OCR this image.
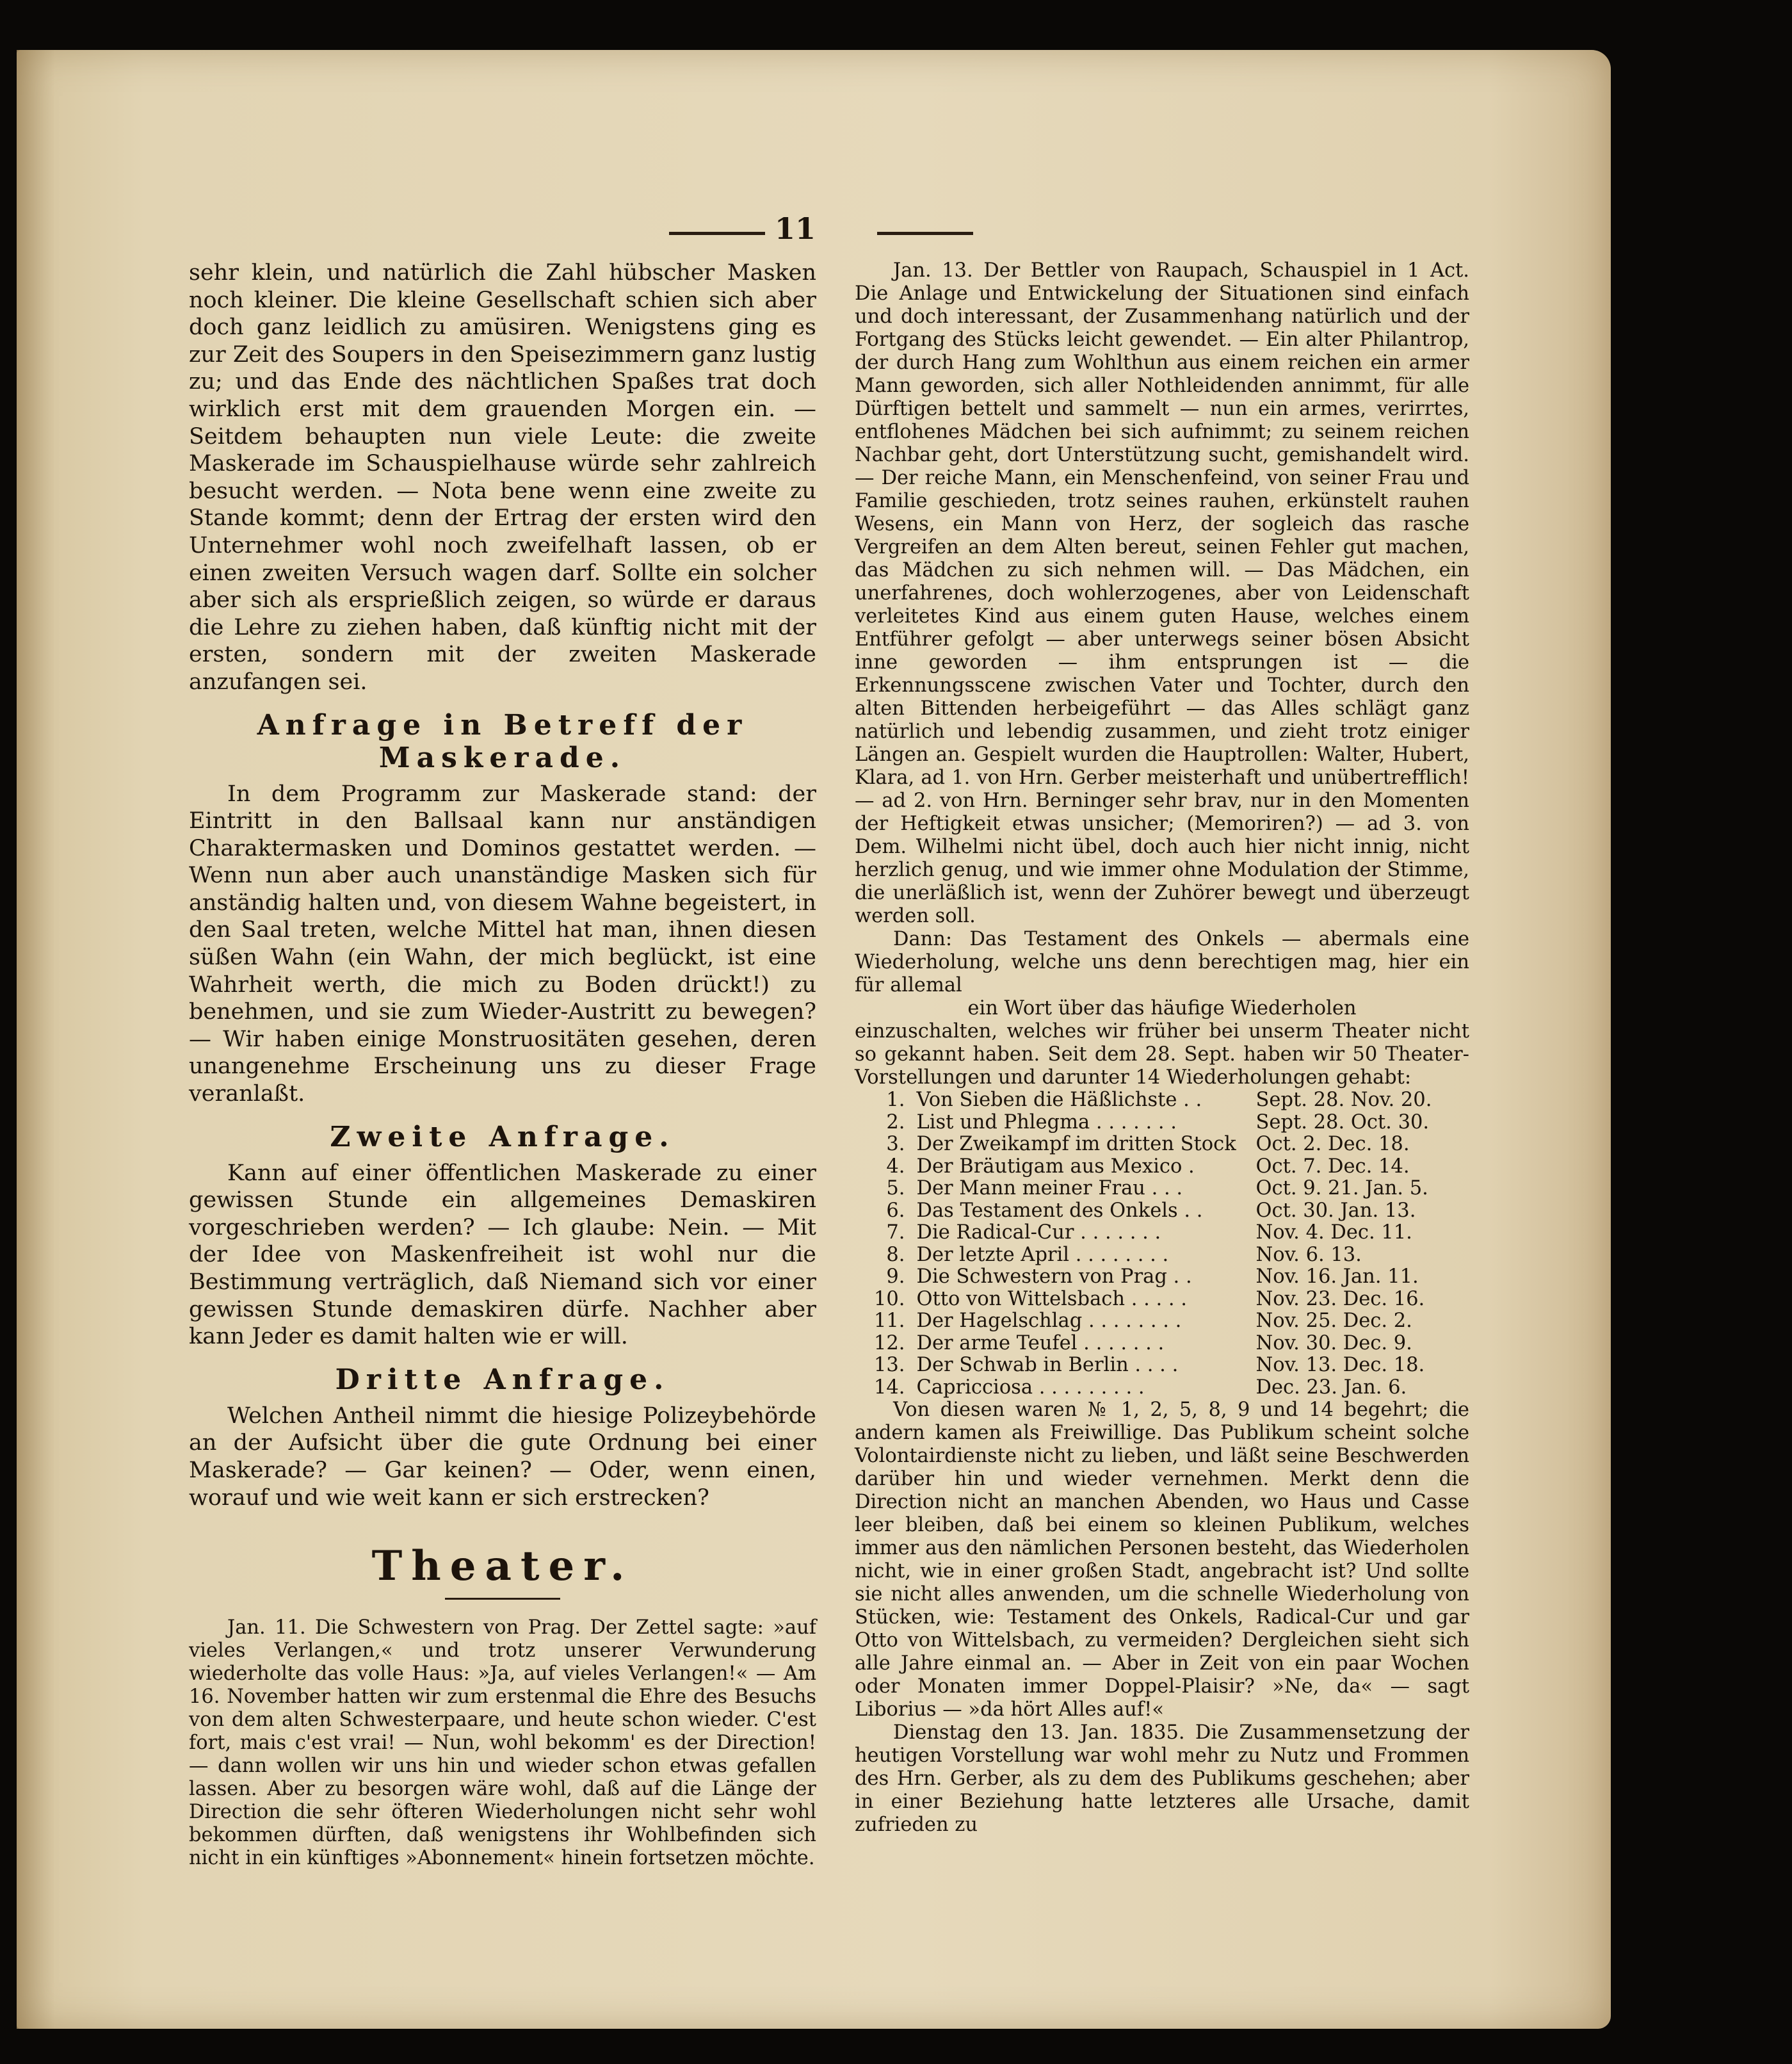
11

sehr klein, und natürlich die Zahl hübscher Masken noch kleiner. Die kleine Gesellschaft schien sich aber doch ganz leidlich zu amüsiren. Wenigstens ging es zur Zeit des Soupers in den Speisezimmern ganz lustig zu; und das Ende des nächtlichen Spaßes trat doch wirklich erst mit dem grauenden Morgen ein. — Seitdem behaupten nun viele Leute: die zweite Maskerade im Schauspielhause würde sehr zahlreich besucht werden. — Nota bene wenn eine zweite zu Stande kommt; denn der Ertrag der ersten wird den Unternehmer wohl noch zweifelhaft lassen, ob er einen zweiten Versuch wagen darf. Sollte ein solcher aber sich als ersprießlich zeigen, so würde er daraus die Lehre zu ziehen haben, daß künftig nicht mit der ersten, sondern mit der zweiten Maskerade anzufangen sei.

Anfrage in Betreff der Maskerade.

In dem Programm zur Maskerade stand: der Eintritt in den Ballsaal kann nur anständigen Charaktermasken und Dominos gestattet werden. — Wenn nun aber auch unanständige Masken sich für anständig halten und, von diesem Wahne begeistert, in den Saal treten, welche Mittel hat man, ihnen diesen süßen Wahn (ein Wahn, der mich beglückt, ist eine Wahrheit werth, die mich zu Boden drückt!) zu benehmen, und sie zum Wieder-Austritt zu bewegen? — Wir haben einige Monstruositäten gesehen, deren unangenehme Erscheinung uns zu dieser Frage veranlaßt.

Zweite Anfrage.

Kann auf einer öffentlichen Maskerade zu einer gewissen Stunde ein allgemeines Demaskiren vorgeschrieben werden? — Ich glaube: Nein. — Mit der Idee von Maskenfreiheit ist wohl nur die Bestimmung verträglich, daß Niemand sich vor einer gewissen Stunde demaskiren dürfe. Nachher aber kann Jeder es damit halten wie er will.

Dritte Anfrage.

Welchen Antheil nimmt die hiesige Polizeybehörde an der Aufsicht über die gute Ordnung bei einer Maskerade? — Gar keinen? — Oder, wenn einen, worauf und wie weit kann er sich erstrecken?

Theater.

Jan. 11. Die Schwestern von Prag. Der Zettel sagte: »auf vieles Verlangen,« und trotz unserer Verwunderung wiederholte das volle Haus: »Ja, auf vieles Verlangen!« — Am 16. November hatten wir zum erstenmal die Ehre des Besuchs von dem alten Schwesterpaare, und heute schon wieder. C'est fort, mais c'est vrai! — Nun, wohl bekomm' es der Direction! — dann wollen wir uns hin und wieder schon etwas gefallen lassen. Aber zu besorgen wäre wohl, daß auf die Länge der Direction die sehr öfteren Wiederholungen nicht sehr wohl bekommen dürften, daß wenigstens ihr Wohlbefinden sich nicht in ein künftiges »Abonnement« hinein fortsetzen möchte.

Jan. 13. Der Bettler von Raupach, Schauspiel in 1 Act. Die Anlage und Entwickelung der Situationen sind einfach und doch interessant, der Zusammenhang natürlich und der Fortgang des Stücks leicht gewendet. — Ein alter Philantrop, der durch Hang zum Wohlthun aus einem reichen ein armer Mann geworden, sich aller Nothleidenden annimmt, für alle Dürftigen bettelt und sammelt — nun ein armes, verirrtes, entflohenes Mädchen bei sich aufnimmt; zu seinem reichen Nachbar geht, dort Unterstützung sucht, gemishandelt wird. — Der reiche Mann, ein Menschenfeind, von seiner Frau und Familie geschieden, trotz seines rauhen, erkünstelt rauhen Wesens, ein Mann von Herz, der sogleich das rasche Vergreifen an dem Alten bereut, seinen Fehler gut machen, das Mädchen zu sich nehmen will. — Das Mädchen, ein unerfahrenes, doch wohlerzogenes, aber von Leidenschaft verleitetes Kind aus einem guten Hause, welches einem Entführer gefolgt — aber unterwegs seiner bösen Absicht inne geworden — ihm entsprungen ist — die Erkennungsscene zwischen Vater und Tochter, durch den alten Bittenden herbeigeführt — das Alles schlägt ganz natürlich und lebendig zusammen, und zieht trotz einiger Längen an. Gespielt wurden die Hauptrollen: Walter, Hubert, Klara, ad 1. von Hrn. Gerber meisterhaft und unübertrefflich! — ad 2. von Hrn. Berninger sehr brav, nur in den Momenten der Heftigkeit etwas unsicher; (Memoriren?) — ad 3. von Dem. Wilhelmi nicht übel, doch auch hier nicht innig, nicht herzlich genug, und wie immer ohne Modulation der Stimme, die unerläßlich ist, wenn der Zuhörer bewegt und überzeugt werden soll.

Dann: Das Testament des Onkels — abermals eine Wiederholung, welche uns denn berechtigen mag, hier ein für allemal

ein Wort über das häufige Wiederholen

einzuschalten, welches wir früher bei unserm Theater nicht so gekannt haben. Seit dem 28. Sept. haben wir 50 Theater-Vorstellungen und darunter 14 Wiederholungen gehabt:

1.	Von Sieben die Häßlichste . .	Sept. 28. Nov. 20.
2.	List und Phlegma . . . . . . .	Sept. 28. Oct. 30.
3.	Der Zweikampf im dritten Stock	Oct. 2. Dec. 18.
4.	Der Bräutigam aus Mexico .	Oct. 7. Dec. 14.
5.	Der Mann meiner Frau . . .	Oct. 9. 21. Jan. 5.
6.	Das Testament des Onkels . .	Oct. 30. Jan. 13.
7.	Die Radical-Cur . . . . . . .	Nov. 4. Dec. 11.
8.	Der letzte April . . . . . . . .	Nov. 6. 13.
9.	Die Schwestern von Prag . .	Nov. 16. Jan. 11.
10.	Otto von Wittelsbach . . . . .	Nov. 23. Dec. 16.
11.	Der Hagelschlag . . . . . . . .	Nov. 25. Dec. 2.
12.	Der arme Teufel . . . . . . .	Nov. 30. Dec. 9.
13.	Der Schwab in Berlin . . . .	Nov. 13. Dec. 18.
14.	Capricciosa . . . . . . . . .	Dec. 23. Jan. 6.

Von diesen waren № 1, 2, 5, 8, 9 und 14 begehrt; die andern kamen als Freiwillige. Das Publikum scheint solche Volontairdienste nicht zu lieben, und läßt seine Beschwerden darüber hin und wieder vernehmen. Merkt denn die Direction nicht an manchen Abenden, wo Haus und Casse leer bleiben, daß bei einem so kleinen Publikum, welches immer aus den nämlichen Personen besteht, das Wiederholen nicht, wie in einer großen Stadt, angebracht ist? Und sollte sie nicht alles anwenden, um die schnelle Wiederholung von Stücken, wie: Testament des Onkels, Radical-Cur und gar Otto von Wittelsbach, zu vermeiden? Dergleichen sieht sich alle Jahre einmal an. — Aber in Zeit von ein paar Wochen oder Monaten immer Doppel-Plaisir? »Ne, da« — sagt Liborius — »da hört Alles auf!«

Dienstag den 13. Jan. 1835. Die Zusammensetzung der heutigen Vorstellung war wohl mehr zu Nutz und Frommen des Hrn. Gerber, als zu dem des Publikums geschehen; aber in einer Beziehung hatte letzteres alle Ursache, damit zufrieden zu
